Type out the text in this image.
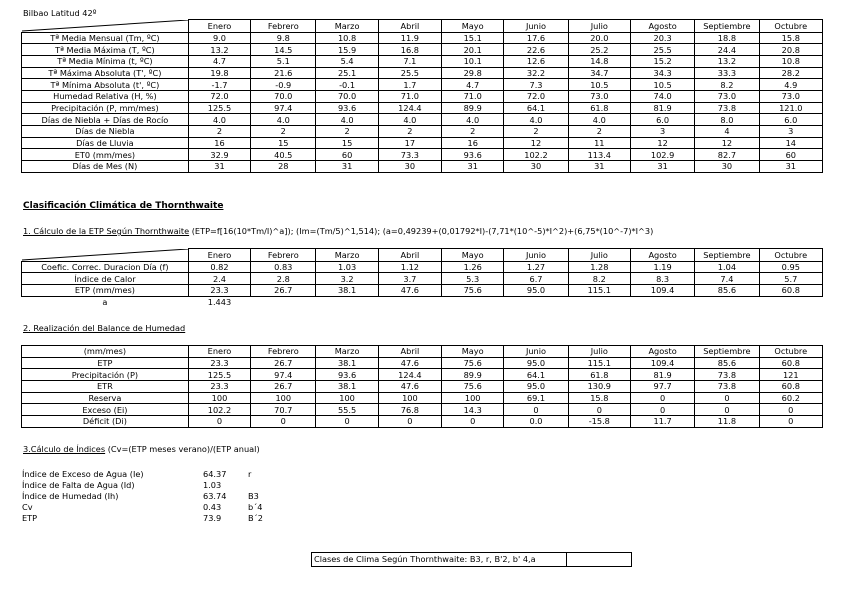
Bilbao Latitud 42º
	Enero	Febrero	Marzo	Abril	Mayo	Junio	Julio	Agosto	Septiembre	Octubre
Tª Media Mensual (Tm, ºC)	9.0	9.8	10.8	11.9	15.1	17.6	20.0	20.3	18.8	15.8
Tª Media Máxima (T, ºC)	13.2	14.5	15.9	16.8	20.1	22.6	25.2	25.5	24.4	20.8
Tª Media Mínima (t, ºC)	4.7	5.1	5.4	7.1	10.1	12.6	14.8	15.2	13.2	10.8
Tª Máxima Absoluta (T', ºC)	19.8	21.6	25.1	25.5	29.8	32.2	34.7	34.3	33.3	28.2
Tª Mínima Absoluta (t', ºC)	-1.7	-0.9	-0.1	1.7	4.7	7.3	10.5	10.5	8.2	4.9
Humedad Relativa (H, %)	72.0	70.0	70.0	71.0	71.0	72.0	73.0	74.0	73.0	73.0
Precipitación (P, mm/mes)	125.5	97.4	93.6	124.4	89.9	64.1	61.8	81.9	73.8	121.0
Días de Niebla + Días de Rocío	4.0	4.0	4.0	4.0	4.0	4.0	4.0	6.0	8.0	6.0
Días de Niebla	2	2	2	2	2	2	2	3	4	3
Días de Lluvia	16	15	15	17	16	12	11	12	12	14
ET0 (mm/mes)	32.9	40.5	60	73.3	93.6	102.2	113.4	102.9	82.7	60
Días de Mes (N)	31	28	31	30	31	30	31	31	30	31
Clasificación Climática de Thornthwaite
1. Cálculo de la ETP Según Thornthwaite (ETP=f[16(10*Tm/I)^a]); (Im=(Tm/5)^1,514); (a=0,49239+(0,01792*I)-(7,71*(10^-5)*I^2)+(6,75*(10^-7)*I^3)
	Enero	Febrero	Marzo	Abril	Mayo	Junio	Julio	Agosto	Septiembre	Octubre
Coefic. Correc. Duracion Día (f)	0.82	0.83	1.03	1.12	1.26	1.27	1.28	1.19	1.04	0.95
Índice de Calor	2.4	2.8	3.2	3.7	5.3	6.7	8.2	8.3	7.4	5.7
ETP (mm/mes)	23.3	26.7	38.1	47.6	75.6	95.0	115.1	109.4	85.6	60.8
a	1.443									
2. Realización del Balance de Humedad
(mm/mes)	Enero	Febrero	Marzo	Abril	Mayo	Junio	Julio	Agosto	Septiembre	Octubre
ETP	23.3	26.7	38.1	47.6	75.6	95.0	115.1	109.4	85.6	60.8
Precipitación (P)	125.5	97.4	93.6	124.4	89.9	64.1	61.8	81.9	73.8	121
ETR	23.3	26.7	38.1	47.6	75.6	95.0	130.9	97.7	73.8	60.8
Reserva	100	100	100	100	100	69.1	15.8	0	0	60.2
Exceso (Ei)	102.2	70.7	55.5	76.8	14.3	0	0	0	0	0
Déficit (Di)	0	0	0	0	0	0.0	-15.8	11.7	11.8	0
3.Cálculo de Índices (Cv=(ETP meses verano)/(ETP anual)
Índice de Exceso de Agua (Ie)	64.37	r
Índice de Falta de Agua (Id)	1.03	
Índice de Humedad (Ih)	63.74	B3
Cv	0.43	b´4
ETP	73.9	B´2
Clases de Clima Según Thornthwaite: B3, r, B'2, b' 4,a
